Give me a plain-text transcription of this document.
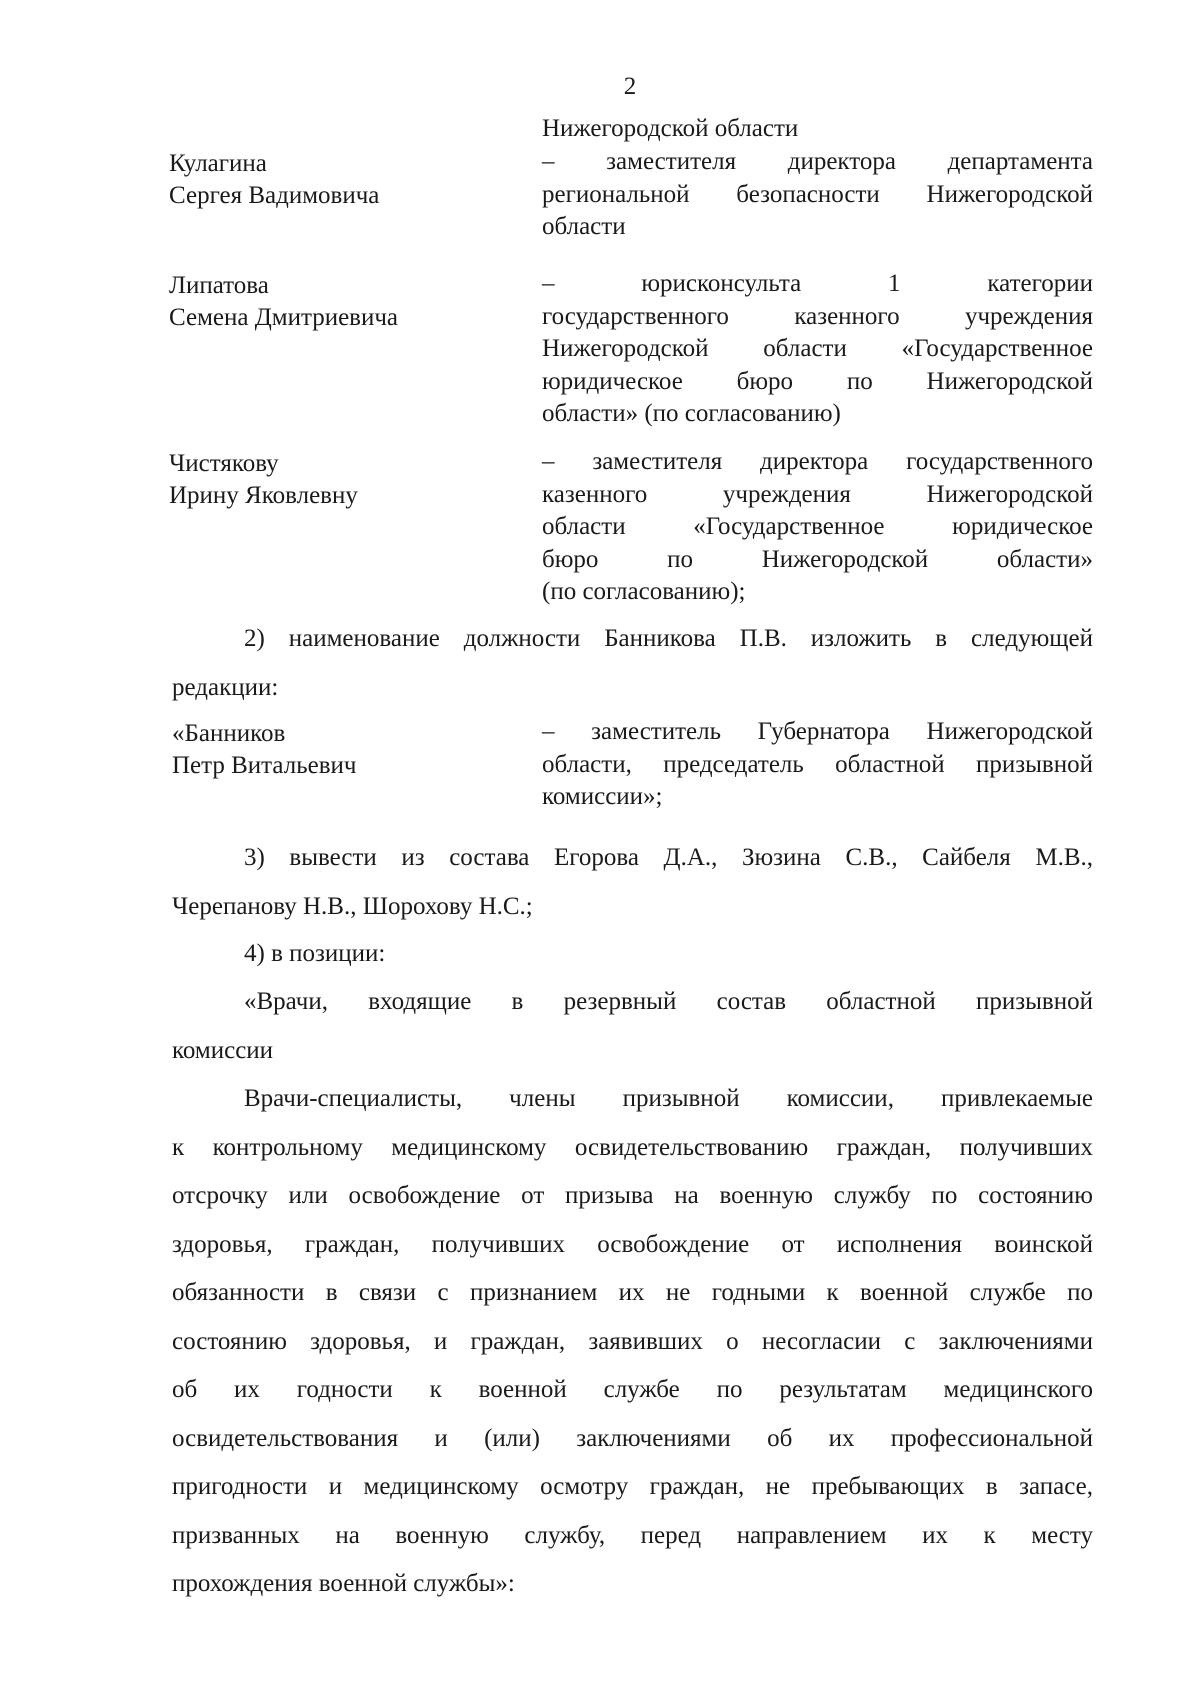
2
Нижегородской области
Кулагина
Сергея Вадимовича
– заместителя директора департамента
региональной безопасности Нижегородской
области
Липатова
Семена Дмитриевича
– юрисконсульта 1 категории
государственного казенного учреждения
Нижегородской области «Государственное
юридическое бюро по Нижегородской
области» (по согласованию)
Чистякову
Ирину Яковлевну
– заместителя директора государственного
казенного учреждения Нижегородской
области «Государственное юридическое
бюро по Нижегородской области»
(по согласованию);
2) наименование должности Банникова П.В. изложить в следующей
редакции:
«Банников
Петр Витальевич
– заместитель Губернатора Нижегородской
области, председатель областной призывной
комиссии»;
3) вывести из состава Егорова Д.А., Зюзина С.В., Сайбеля М.В.,
Черепанову Н.В., Шорохову Н.С.;
4) в позиции:
«Врачи, входящие в резервный состав областной призывной
комиссии
Врачи-специалисты, члены призывной комиссии, привлекаемые
к контрольному медицинскому освидетельствованию граждан, получивших
отсрочку или освобождение от призыва на военную службу по состоянию
здоровья, граждан, получивших освобождение от исполнения воинской
обязанности в связи с признанием их не годными к военной службе по
состоянию здоровья, и граждан, заявивших о несогласии с заключениями
об их годности к военной службе по результатам медицинского
освидетельствования и (или) заключениями об их профессиональной
пригодности и медицинскому осмотру граждан, не пребывающих в запасе,
призванных на военную службу, перед направлением их к месту
прохождения военной службы»:
